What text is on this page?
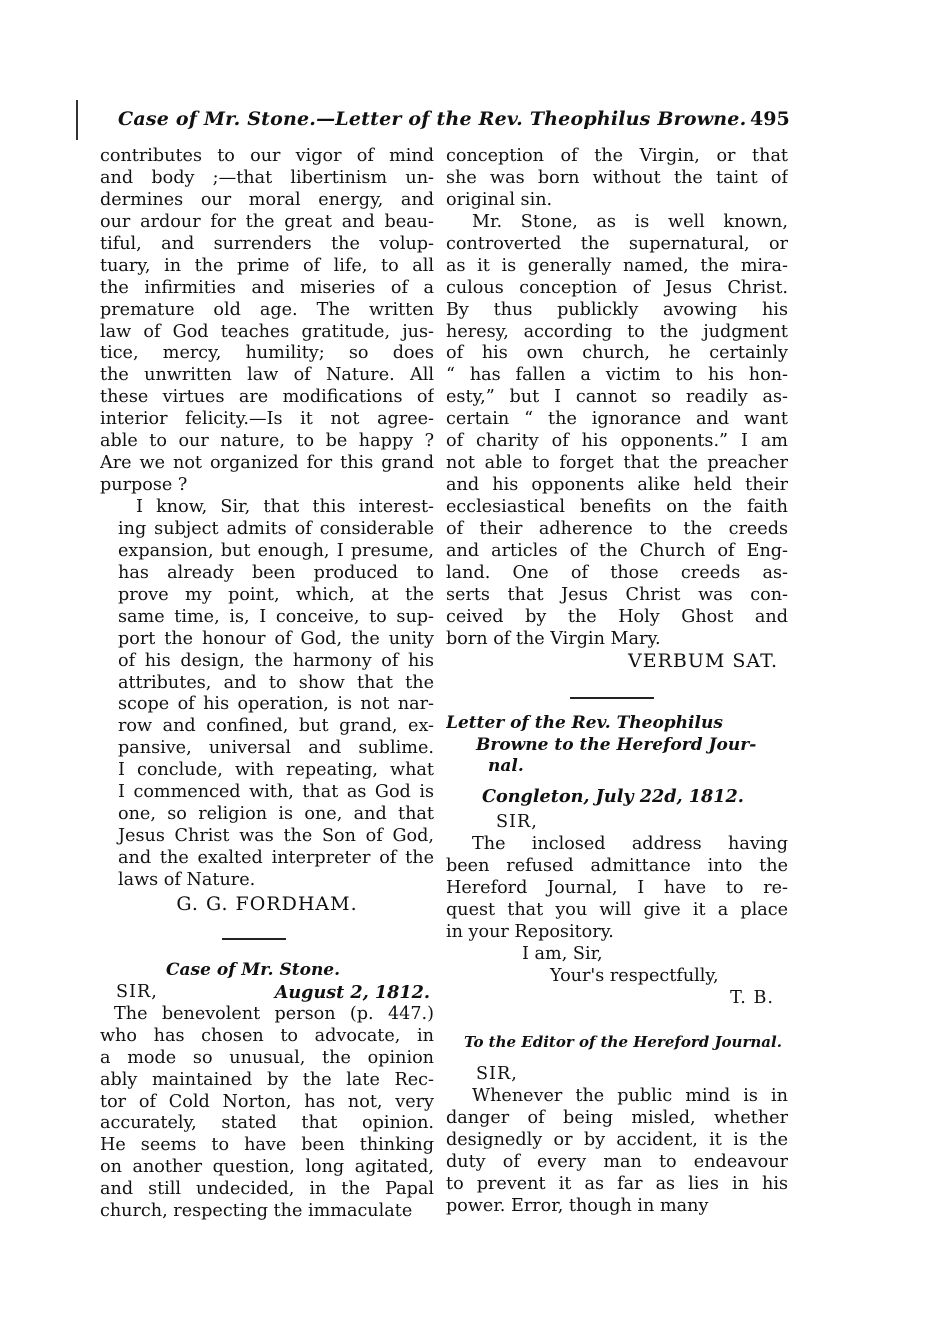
Case of Mr. Stone.—Letter of the Rev. Theophilus Browne. 495
contributes to our vigor of mind
and body ;—that libertinism un-
dermines our moral energy, and
our ardour for the great and beau-
tiful, and surrenders the volup-
tuary, in the prime of life, to all
the infirmities and miseries of a
premature old age. The written
law of God teaches gratitude, jus-
tice, mercy, humility; so does
the unwritten law of Nature. All
these virtues are modifications of
interior felicity.—Is it not agree-
able to our nature, to be happy ?
Are we not organized for this grand
purpose ?
I know, Sir, that this interest-
ing subject admits of considerable
expansion, but enough, I presume,
has already been produced to
prove my point, which, at the
same time, is, I conceive, to sup-
port the honour of God, the unity
of his design, the harmony of his
attributes, and to show that the
scope of his operation, is not nar-
row and confined, but grand, ex-
pansive, universal and sublime.
I conclude, with repeating, what
I commenced with, that as God is
one, so religion is one, and that
Jesus Christ was the Son of God,
and the exalted interpreter of the
laws of Nature.
G. G. FORDHAM.
Case of Mr. Stone.
SIR,	August 2, 1812.
The benevolent person (p. 447.)
who has chosen to advocate, in
a mode so unusual, the opinion
ably maintained by the late Rec-
tor of Cold Norton, has not, very
accurately, stated that opinion.
He seems to have been thinking
on another question, long agitated,
and still undecided, in the Papal
church, respecting the immaculate
conception of the Virgin, or that
she was born without the taint of
original sin.
Mr. Stone, as is well known,
controverted the supernatural, or
as it is generally named, the mira-
culous conception of Jesus Christ.
By thus publickly avowing his
heresy, according to the judgment
of his own church, he certainly
“ has fallen a victim to his hon-
esty,” but I cannot so readily as-
certain “ the ignorance and want
of charity of his opponents.” I am
not able to forget that the preacher
and his opponents alike held their
ecclesiastical benefits on the faith
of their adherence to the creeds
and articles of the Church of Eng-
land. One of those creeds as-
serts that Jesus Christ was con-
ceived by the Holy Ghost and
born of the Virgin Mary.
VERBUM SAT.
Letter of the Rev. Theophilus
Browne to the Hereford Jour-
nal.
Congleton, July 22d, 1812.
SIR,
The inclosed address having
been refused admittance into the
Hereford Journal, I have to re-
quest that you will give it a place
in your Repository.
I am, Sir,
Your's respectfully,
T. B.
To the Editor of the Hereford Journal.
SIR,
Whenever the public mind is in
danger of being misled, whether
designedly or by accident, it is the
duty of every man to endeavour
to prevent it as far as lies in his
power. Error, though in many
